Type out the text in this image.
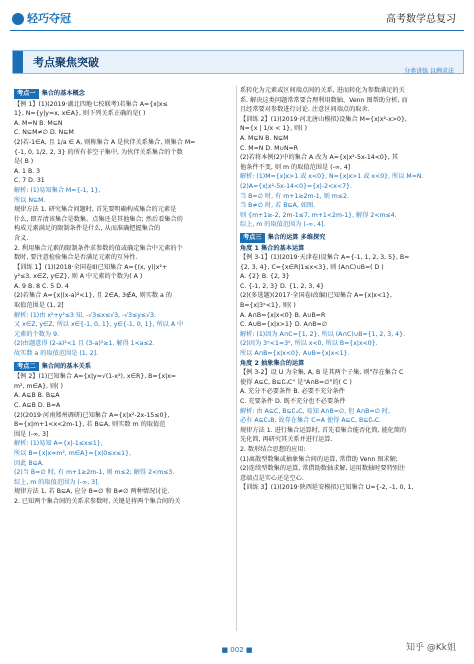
轻巧夺冠	高考数学总复习
考点聚焦突破
分类讲练 以例求法
考点一 集合的基本概念
【例 1】(1)(2019·湖北四地七校联考)若集合 A={x|x≤
1}, N={y|y=x, x∈A}, 则下列关系正确的是( )
A. M=N B. M⊆N
C. N⊆M≠∅ D. N⊆M
(2)若-1∈A, 且 1/a ∈ A, 则称集合 A 是伙伴关系集合, 则集合 M=
{-1, 0, 1/2, 2, 3} 的所有非空子集中, 为伙伴关系集合的个数
是( B )
A. 1 B. 3
C. 7 D. 31
解析: (1)易知集合 M={-1, 1},
所以 N⊆M.
规律方法 1. 研究集合问题时, 首先要明确构成集合的元素是
什么, 即弄清该集合是数集、点集还是其他集合; 然后看集合的
构成元素满足的限制条件是什么, 从而准确把握集合的
含义.
2. 利用集合元素的限制条件求参数的值或确定集合中元素的个
数时, 要注意检验集合是否满足元素的互异性.
【训练 1】(1)(2018·全国卷Ⅱ)已知集合 A={(x, y)|x²+
y²≤3, x∈Z, y∈Z}, 则 A 中元素的个数为( A )
A. 9 B. 8 C. 5 D. 4
(2)若集合 A={x|(x-a)²<1}, 且 2∈A, 3∉A, 则实数 a 的
取值范围是 (1, 2]
解析: (1)由 x²+y²≤3 知, -√3≤x≤√3, -√3≤y≤√3.
又 x∈Z, y∈Z, 所以 x∈{-1, 0, 1}, y∈{-1, 0, 1}, 所以 A 中
元素的个数为 9.
(2)由题意得 (2-a)²<1 且 (3-a)²≥1, 解得 1<a≤2.
故实数 a 的取值范围是 (1, 2].
考点二 集合间的基本关系
【例 2】(1)已知集合 A={x|y=√(1-x²), x∈R}, B={x|x=
m², m∈A}, 则( )
A. A⊊B B. B⊊A
C. A⊆B D. B=A
(2)(2019·河南郑州调研)已知集合 A={x|x²-2x-15≤0},
B={x|m+1<x<2m-1}, 若 B⊆A, 则实数 m 的取值范
围是 (-∞, 3]
解析: (1)易知 A={x|-1≤x≤1},
所以 B={x|x=m², m∈A}={x|0≤x≤1},
因此 B⊊A.
(2)当 B=∅ 时, 有 m+1≥2m-1, 则 m≤2; 解得 2<m≤3.
综上, m 的取值范围为 (-∞, 3].
规律方法 1. 若 B⊆A, 应分 B=∅ 和 B≠∅ 两种情况讨论.
2. 已知两个集合间的关系求参数时, 关键是将两个集合间的关
系转化为元素或区间端点间的关系, 进而转化为参数满足的关
系. 解决这类问题常常要合理利用数轴、Venn 图帮助分析, 而
且经常要对参数进行讨论. 注意区间端点的取舍.
【训练 2】(1)(2019·河北唐山模拟)设集合 M={x|x²-x>0},
N={x | 1/x < 1}, 则( )
A. M⊊N B. N⊊M
C. M=N D. M∪N=R
(2)若将本例(2)中的集合 A 改为 A={x|x²-5x-14<0}, 其
他条件不变, 则 m 的取值范围是 (-∞, 4]
解析: (1)M={x|x>1 或 x<0}, N={x|x>1 或 x<0}, 所以 M=N.
(2)A={x|x²-5x-14<0}={x|-2<x<7}.
当 B=∅ 时, 有 m+1≥2m-1, 则 m≤2.
当 B≠∅ 时, 若 B⊆A, 如图.
则 {m+1≥-2, 2m-1≤7, m+1<2m-1}, 解得 2<m≤4.
综上, m 的取值范围为 (-∞, 4].
考点三 集合的运算 多维探究
角度 1 集合的基本运算
【例 3-1】(1)(2019·天津卷)设集合 A={-1, 1, 2, 3, 5}, B=
{2, 3, 4}, C={x∈R|1≤x<3}, 则 (A∩C)∪B=( D )
A. {2} B. {2, 3}
C. {-1, 2, 3} D. {1, 2, 3, 4}
(2)(多选题)(2017·全国卷Ⅰ改编)已知集合 A={x|x<1},
B={x|3ˣ<1}, 则( )
A. A∩B={x|x<0} B. A∪B=R
C. A∪B={x|x>1} D. A∩B=∅
解析: (1)因为 A∩C={1, 2}, 所以 (A∩C)∪B={1, 2, 3, 4}.
(2)因为 3ˣ<1=3⁰, 所以 x<0, 所以 B={x|x<0}.
所以 A∩B={x|x<0}, A∪B={x|x<1}.
角度 2 抽象集合的运算
【例 3-2】设 U 为全集, A, B 是其两个子集, 则"存在集合 C
使得 A⊆C, B⊆∁ᵤC" 是"A∩B=∅"的( C )
A. 充分不必要条件 B. 必要不充分条件
C. 充要条件 D. 既不充分也不必要条件
解析: 由 A⊆C, B⊆∁ᵤC, 易知 A∩B=∅, 但 A∩B=∅ 时,
必有 A⊆∁ᵤB, 故存在集合 C=A 使得 A⊆C, B⊆∁ᵤC.
规律方法 1. 进行集合运算时, 首先看集合能否化简, 能化简的
先化简, 再研究其关系并进行运算.
2. 数形结合思想的应用:
(1)离散型数集或抽象集合间的运算, 常借助 Venn 图求解;
(2)连续型数集的运算, 常借助数轴求解, 运用数轴时要特别注
意端点是实心还是空心.
【训练 3】(1)(2019·陕西延安模拟)已知集合 U={-2, -1, 0, 1,
■ 002 ■	知乎 @Kk姐
